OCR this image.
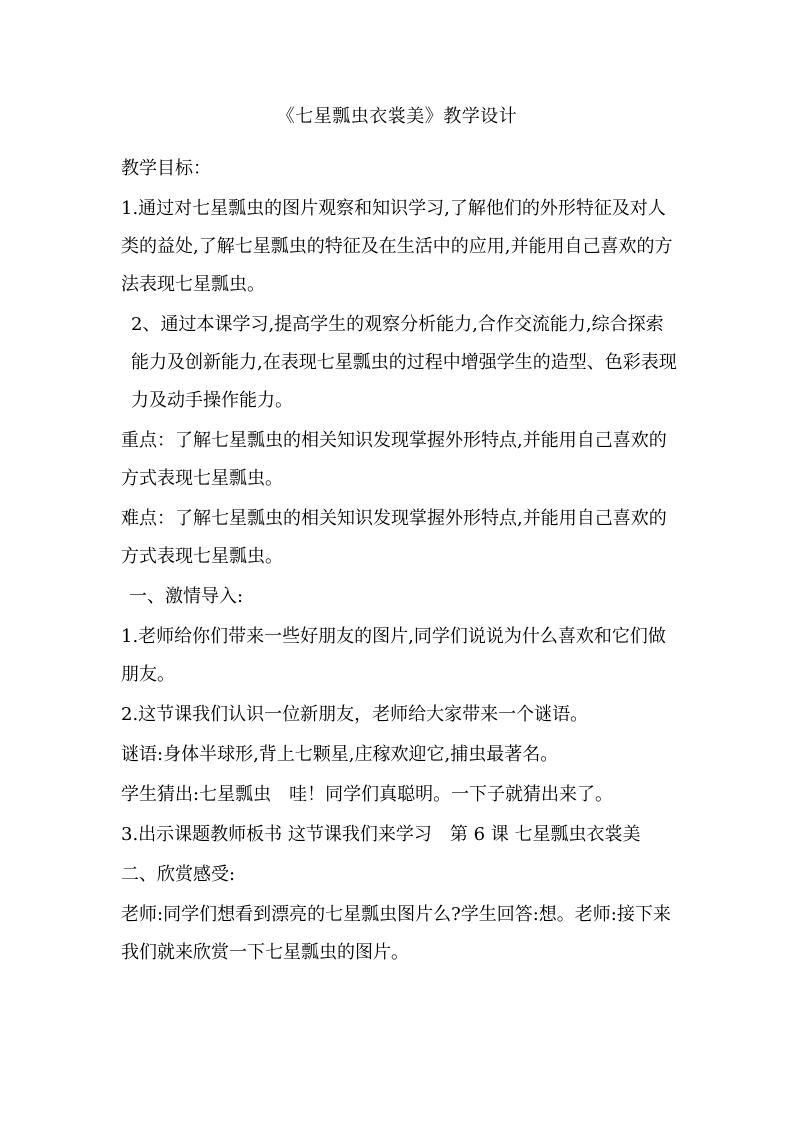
《七星瓢虫衣裳美》教学设计

教学目标：

1.通过对七星瓢虫的图片观察和知识学习,了解他们的外形特征及对人类的益处,了解七星瓢虫的特征及在生活中的应用,并能用自己喜欢的方法表现七星瓢虫。

2、通过本课学习,提高学生的观察分析能力,合作交流能力,综合探索能力及创新能力,在表现七星瓢虫的过程中增强学生的造型、色彩表现力及动手操作能力。

重点：了解七星瓢虫的相关知识发现掌握外形特点,并能用自己喜欢的方式表现七星瓢虫。

难点：了解七星瓢虫的相关知识发现掌握外形特点,并能用自己喜欢的方式表现七星瓢虫。

一、激情导入:

1.老师给你们带来一些好朋友的图片,同学们说说为什么喜欢和它们做朋友。

2.这节课我们认识一位新朋友，老师给大家带来一个谜语。

谜语:身体半球形,背上七颗星,庄稼欢迎它,捕虫最著名。

学生猜出:七星瓢虫　哇！同学们真聪明。一下子就猜出来了。

3.出示课题教师板书 这节课我们来学习　第 6 课 七星瓢虫衣裳美

二、欣赏感受:

老师:同学们想看到漂亮的七星瓢虫图片么?学生回答:想。老师:接下来我们就来欣赏一下七星瓢虫的图片。
